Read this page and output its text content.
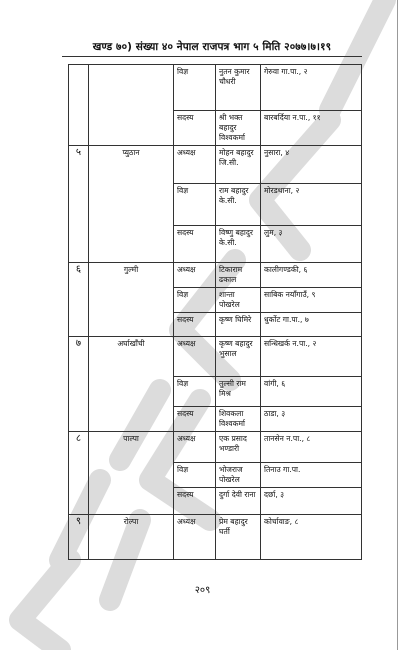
खण्ड ७०) संख्या ४० नेपाल राजपत्र भाग ५ मिति २०७७।७।१९
		विज्ञ	नुतन कुमार चौधरी	गेरुवा गा.पा., २
		सदस्य	श्री भक्त बहादुर विश्वकर्मा	बारबर्दिया न.पा., ११
५	प्युठान	अध्यक्ष	मोहन बहादुर जि.सी.	नुसारा, ४
		विज्ञ	राम बहादुर के.सी.	मोरडथाना, २
		सदस्य	विष्णु बहादुर के.सी.	लुम, ३
६	गुल्मी	अध्यक्ष	टिकाराम ढकाल	कालीगण्डकी, ६
		विज्ञ	शान्ता पोखरेल	साबिक नयाँगाउँ, ९
		सदस्य	कृष्ण घिमिरे	धुर्कोट गा.पा., ७
७	अर्घाखाँची	अध्यक्ष	कृष्ण बहादुर भुसाल	सन्धिखर्क न.पा., २
		विज्ञ	तुल्सी राम मिश्र	वांगी, ६
		सदस्य	शिवकला विश्वकर्मा	ठाडा, ३
८	पाल्पा	अध्यक्ष	एक प्रसाद भण्डारी	तानसेन न.पा., ८
		विज्ञ	भोजराज पोखरेल	तिनाउ गा.पा.
		सदस्य	दुर्गा देवी राना	दर्छा, ३
९	रोल्पा	अध्यक्ष	प्रेम बहादुर घर्ती	कोर्चावाङ, ८
२०९
